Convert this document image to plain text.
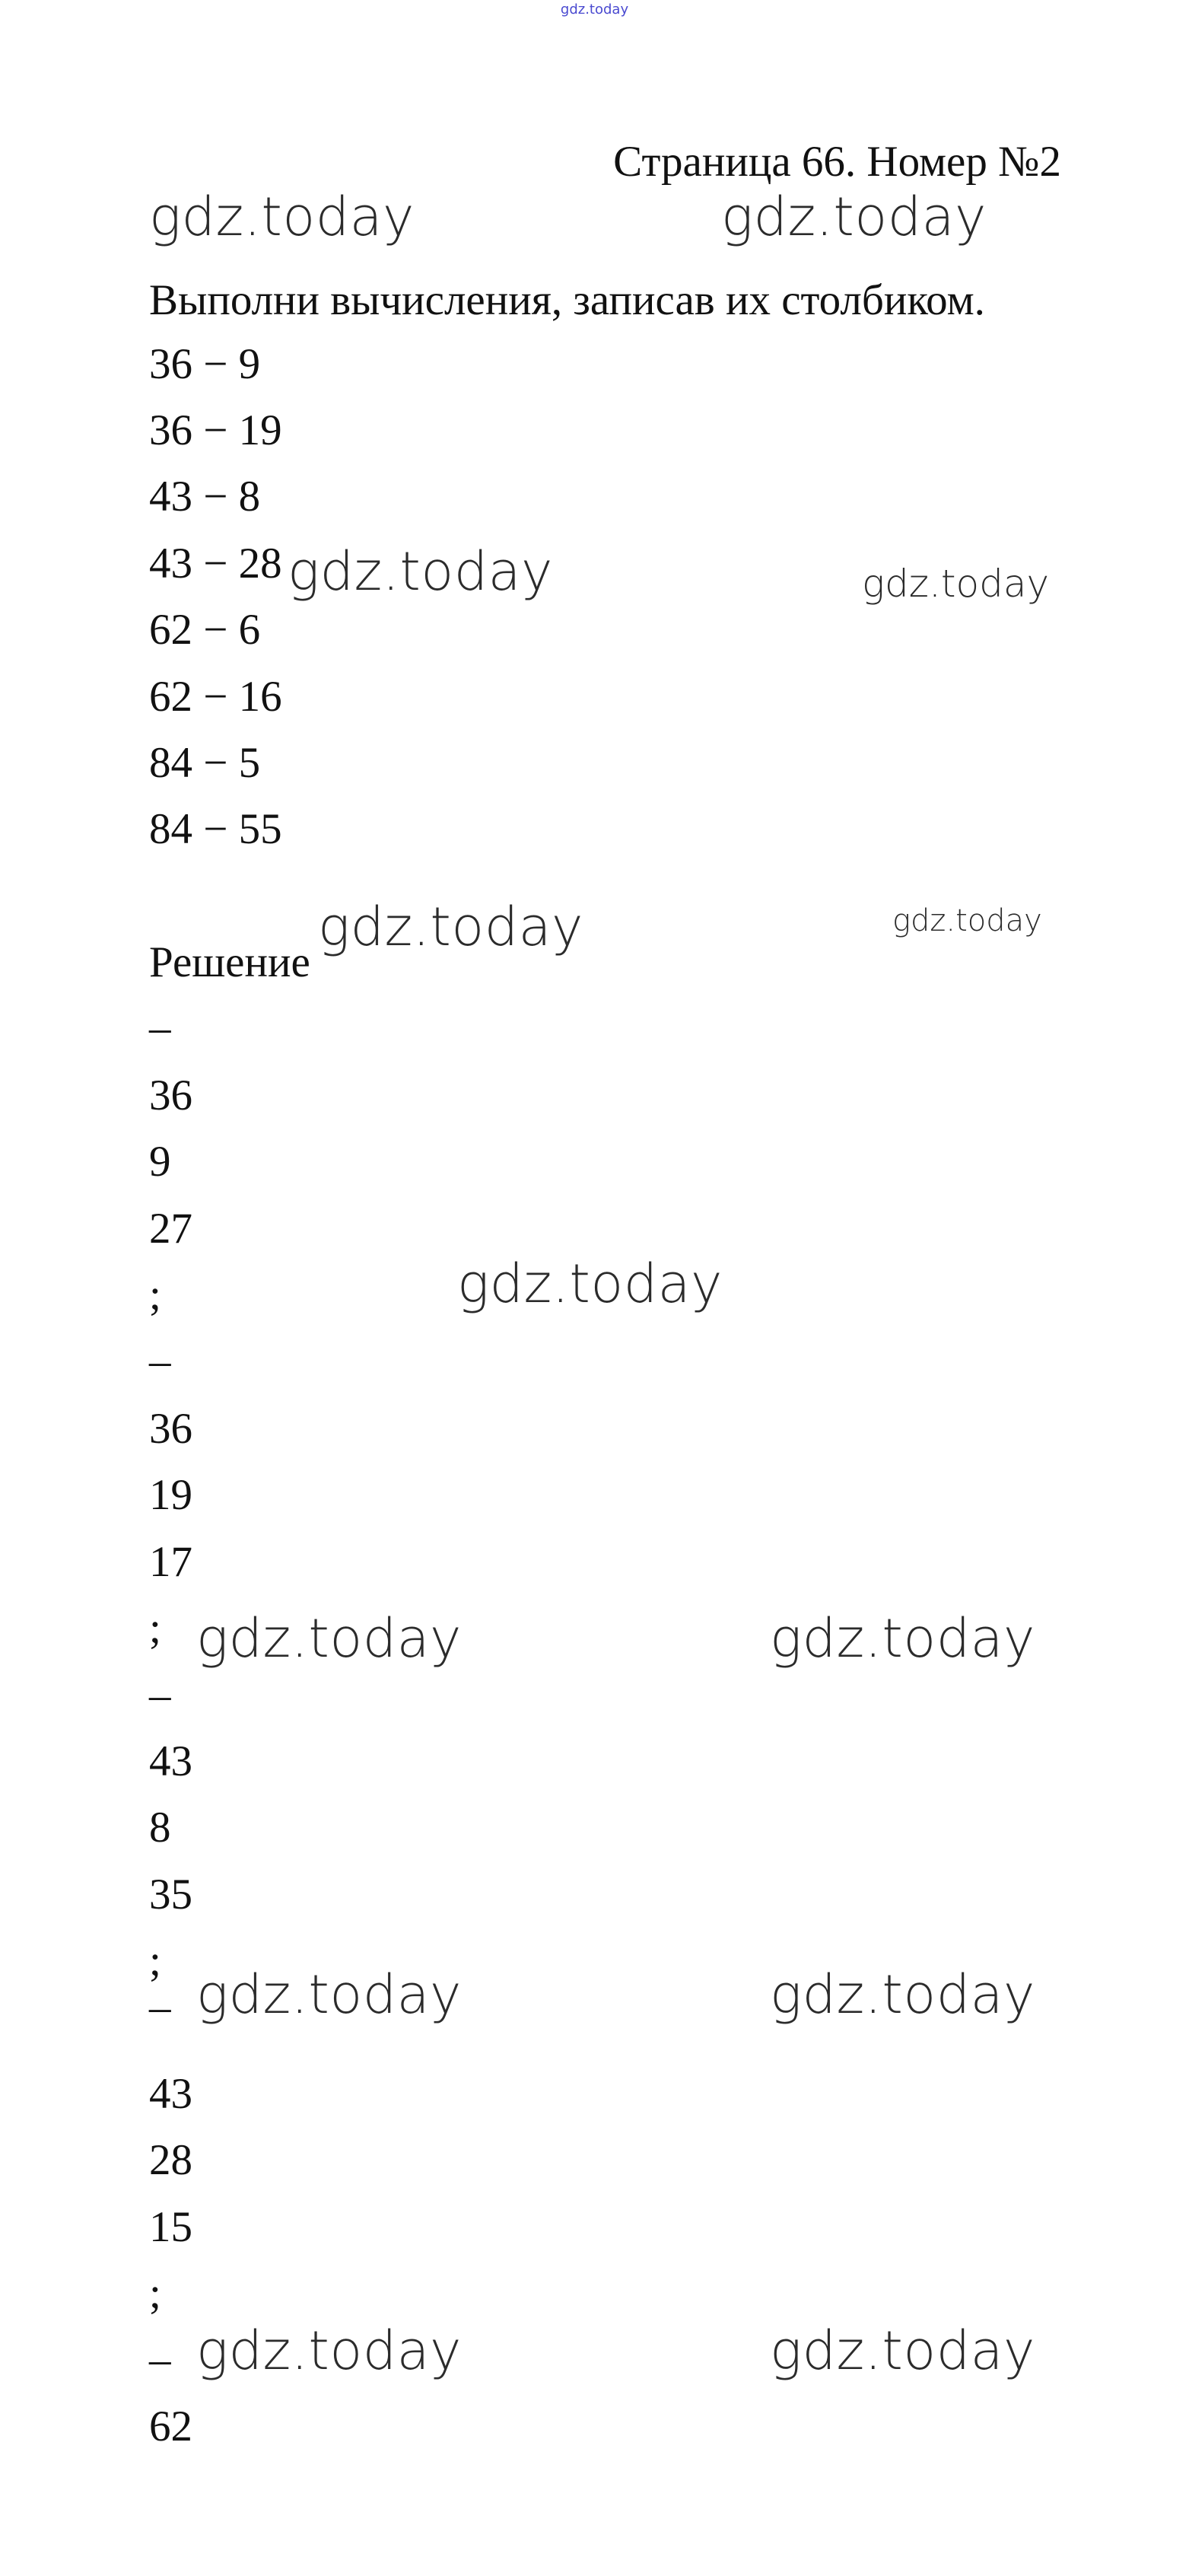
gdz.today
Страница 66. Номер №2
gdz.today	gdz.today
gdz.today	gdz.today
gdz.today	gdz.today
gdz.today
gdz.today	gdz.today
gdz.today	gdz.today
gdz.today	gdz.today
Выполни вычисления, записав их столбиком.
36 − 9
36 − 19
43 − 8
43 − 28
62 − 6
62 − 16
84 − 5
84 − 55
Решение
–
36
9
27
;
–
36
19
17
;
–
43
8
35
;
–
43
28
15
;
–
62
